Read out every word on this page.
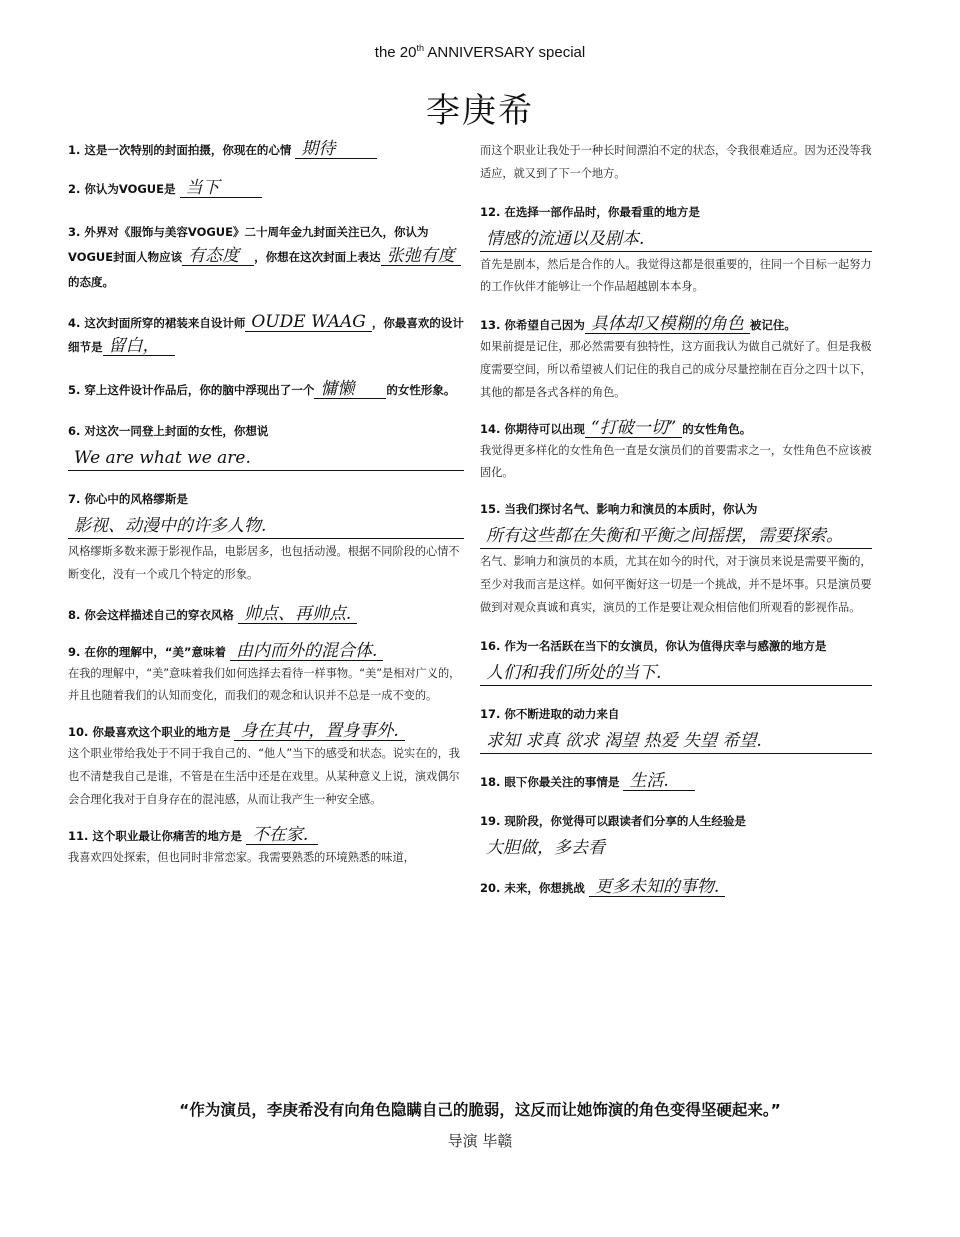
the 20th ANNIVERSARY special
李庚希

1. 这是一次特别的封面拍摄，你现在的心情 期待

2. 你认为VOGUE是 当下

3. 外界对《服饰与美容VOGUE》二十周年金九封面关注已久，你认为VOGUE封面人物应该 有态度 ，你想在这次封面上表达 张弛有度的态度。

4. 这次封面所穿的裙装来自设计师 OUDE WAAG ，你最喜欢的设计细节是 留白，

5. 穿上这件设计作品后，你的脑中浮现出了一个 慵懒	的女性形象。

6. 对这次一同登上封面的女性，你想说

We are what we are.

7. 你心中的风格缪斯是

影视、动漫中的许多人物.

风格缪斯多数来源于影视作品，电影居多，也包括动漫。根据不同阶段的心情不断变化，没有一个或几个特定的形象。

8. 你会这样描述自己的穿衣风格 帅点、再帅点.

9. 在你的理解中，“美”意味着 由内而外的混合体.

在我的理解中，“美”意味着我们如何选择去看待一样事物。“美”是相对广义的，并且也随着我们的认知而变化，而我们的观念和认识并不总是一成不变的。

10. 你最喜欢这个职业的地方是 身在其中，置身事外.

这个职业带给我处于不同于我自己的、“他人”当下的感受和状态。说实在的，我也不清楚我自己是谁，不管是在生活中还是在戏里。从某种意义上说，演戏偶尔会合理化我对于自身存在的混沌感，从而让我产生一种安全感。

11. 这个职业最让你痛苦的地方是 不在家.

我喜欢四处探索，但也同时非常恋家。我需要熟悉的环境熟悉的味道，

而这个职业让我处于一种长时间漂泊不定的状态，令我很难适应。因为还没等我适应，就又到了下一个地方。

12. 在选择一部作品时，你最看重的地方是

情感的流通以及剧本.

首先是剧本，然后是合作的人。我觉得这都是很重要的，往同一个目标一起努力的工作伙伴才能够让一个作品超越剧本本身。

13. 你希望自己因为 具体却又模糊的角色 被记住。

如果前提是记住，那必然需要有独特性，这方面我认为做自己就好了。但是我极度需要空间，所以希望被人们记住的我自己的成分尽量控制在百分之四十以下，其他的都是各式各样的角色。

14. 你期待可以出现 “打破一切” 的女性角色。

我觉得更多样化的女性角色一直是女演员们的首要需求之一，女性角色不应该被固化。

15. 当我们探讨名气、影响力和演员的本质时，你认为

所有这些都在失衡和平衡之间摇摆，需要探索。

名气、影响力和演员的本质，尤其在如今的时代，对于演员来说是需要平衡的，至少对我而言是这样。如何平衡好这一切是一个挑战，并不是坏事。只是演员要做到对观众真诚和真实，演员的工作是要让观众相信他们所观看的影视作品。

16. 作为一名活跃在当下的女演员，你认为值得庆幸与感激的地方是

人们和我们所处的当下.

17. 你不断进取的动力来自

求知 求真 欲求 渴望 热爱 失望 希望.

18. 眼下你最关注的事情是 生活.

19. 现阶段，你觉得可以跟读者们分享的人生经验是

大胆做，多去看

20. 未来，你想挑战 更多未知的事物.

“作为演员，李庚希没有向角色隐瞒自己的脆弱，这反而让她饰演的角色变得坚硬起来。”
导演 毕赣
